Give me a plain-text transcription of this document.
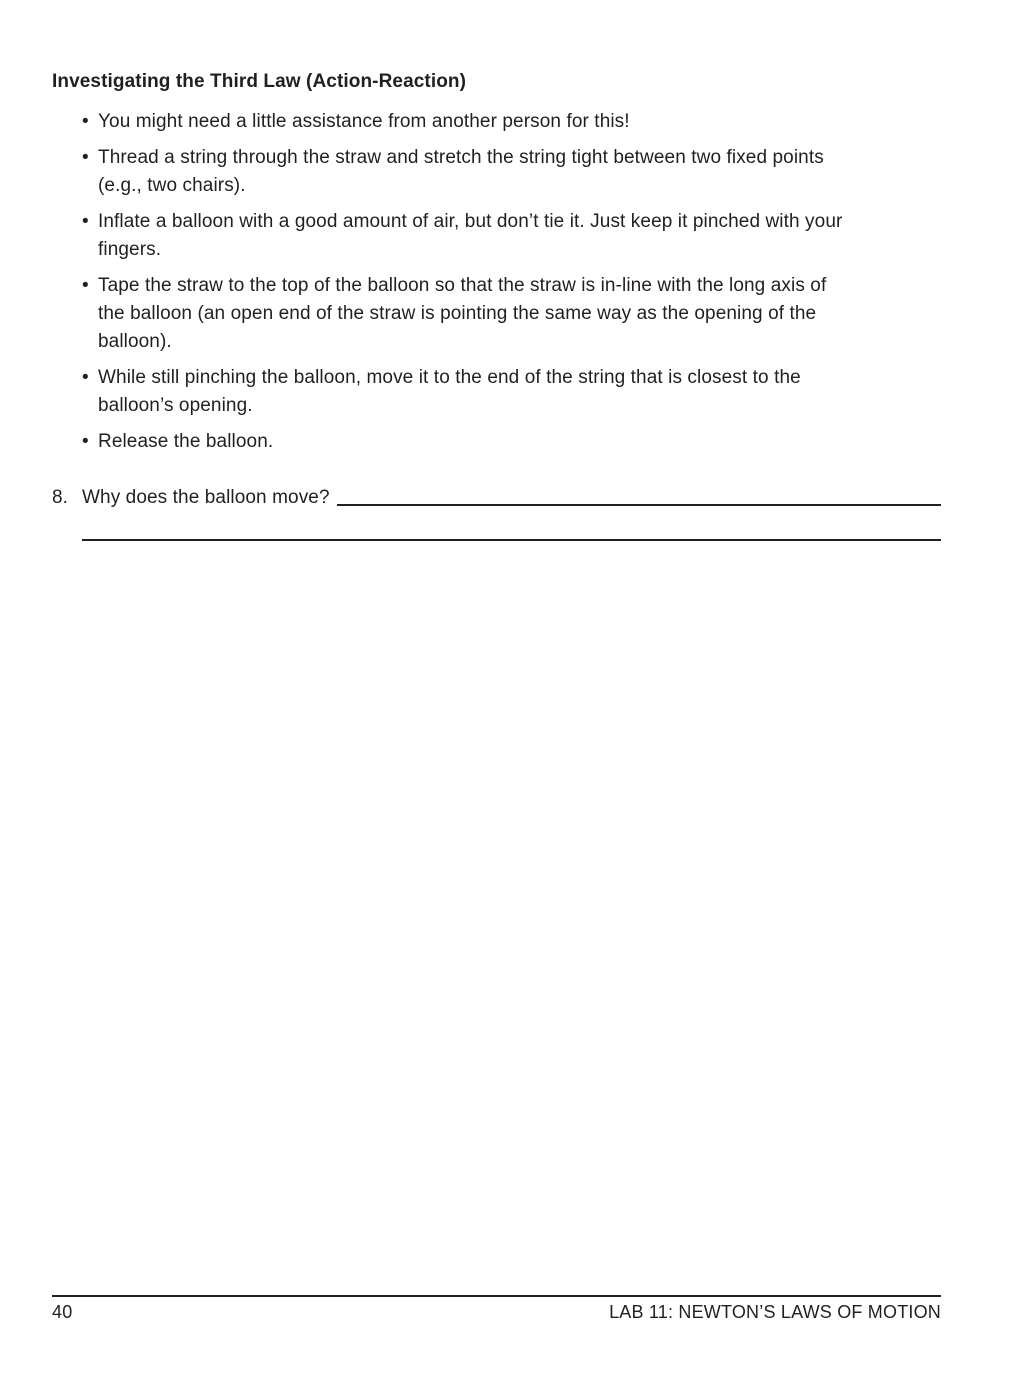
Investigating the Third Law (Action-Reaction)
• You might need a little assistance from another person for this!
• Thread a string through the straw and stretch the string tight between two fixed points
(e.g., two chairs).
• Inflate a balloon with a good amount of air, but don’t tie it. Just keep it pinched with your
fingers.
• Tape the straw to the top of the balloon so that the straw is in-line with the long axis of
the balloon (an open end of the straw is pointing the same way as the opening of the
balloon).
• While still pinching the balloon, move it to the end of the string that is closest to the
balloon’s opening.
• Release the balloon.
8. Why does the balloon move?
40	LAB 11: NEWTON’S LAWS OF MOTION
